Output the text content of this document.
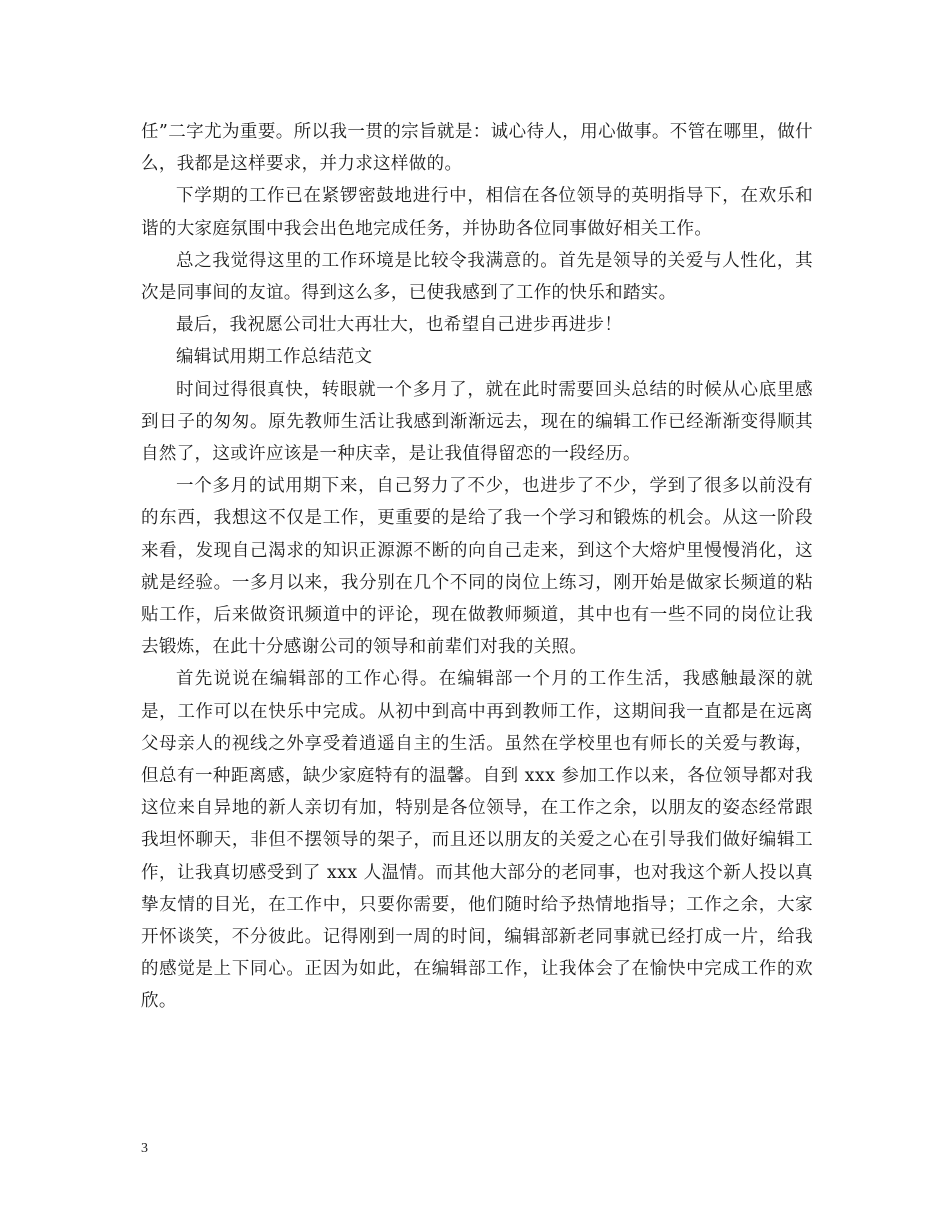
任”二字尤为重要。所以我一贯的宗旨就是：诚心待人，用心做事。不管在哪里，做什么，我都是这样要求，并力求这样做的。

下学期的工作已在紧锣密鼓地进行中，相信在各位领导的英明指导下，在欢乐和谐的大家庭氛围中我会出色地完成任务，并协助各位同事做好相关工作。

总之我觉得这里的工作环境是比较令我满意的。首先是领导的关爱与人性化，其次是同事间的友谊。得到这么多，已使我感到了工作的快乐和踏实。

最后，我祝愿公司壮大再壮大，也希望自己进步再进步！

编辑试用期工作总结范文

时间过得很真快，转眼就一个多月了，就在此时需要回头总结的时候从心底里感到日子的匆匆。原先教师生活让我感到渐渐远去，现在的编辑工作已经渐渐变得顺其自然了，这或许应该是一种庆幸，是让我值得留恋的一段经历。

一个多月的试用期下来，自己努力了不少，也进步了不少，学到了很多以前没有的东西，我想这不仅是工作，更重要的是给了我一个学习和锻炼的机会。从这一阶段来看，发现自己渴求的知识正源源不断的向自己走来，到这个大熔炉里慢慢消化，这就是经验。一多月以来，我分别在几个不同的岗位上练习，刚开始是做家长频道的粘贴工作，后来做资讯频道中的评论，现在做教师频道，其中也有一些不同的岗位让我去锻炼，在此十分感谢公司的领导和前辈们对我的关照。

首先说说在编辑部的工作心得。在编辑部一个月的工作生活，我感触最深的就是，工作可以在快乐中完成。从初中到高中再到教师工作，这期间我一直都是在远离父母亲人的视线之外享受着逍遥自主的生活。虽然在学校里也有师长的关爱与教诲，但总有一种距离感，缺少家庭特有的温馨。自到 xxx 参加工作以来，各位领导都对我这位来自异地的新人亲切有加，特别是各位领导，在工作之余，以朋友的姿态经常跟我坦怀聊天，非但不摆领导的架子，而且还以朋友的关爱之心在引导我们做好编辑工作，让我真切感受到了 xxx 人温情。而其他大部分的老同事，也对我这个新人投以真挚友情的目光，在工作中，只要你需要，他们随时给予热情地指导；工作之余，大家开怀谈笑，不分彼此。记得刚到一周的时间，编辑部新老同事就已经打成一片，给我的感觉是上下同心。正因为如此，在编辑部工作，让我体会了在愉快中完成工作的欢欣。

3
